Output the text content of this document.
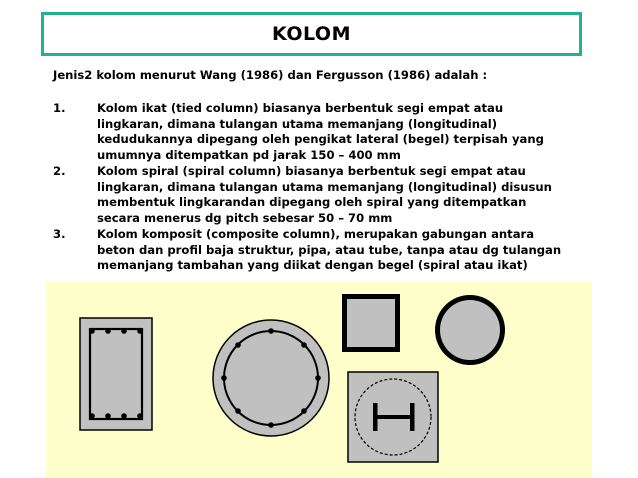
KOLOM
Jenis2 kolom menurut Wang (1986) dan Fergusson (1986) adalah :
1.	Kolom ikat (tied column) biasanya berbentuk segi empat atau
lingkaran, dimana tulangan utama memanjang (longitudinal)
kedudukannya dipegang oleh pengikat lateral (begel) terpisah yang
umumnya ditempatkan pd jarak 150 – 400 mm
2.	Kolom spiral (spiral column) biasanya berbentuk segi empat atau
lingkaran, dimana tulangan utama memanjang (longitudinal) disusun
membentuk lingkarandan dipegang oleh spiral yang ditempatkan
secara menerus dg pitch sebesar 50 – 70 mm
3.	Kolom komposit (composite column), merupakan gabungan antara
beton dan profil baja struktur, pipa, atau tube, tanpa atau dg tulangan
memanjang tambahan yang diikat dengan begel (spiral atau ikat)
